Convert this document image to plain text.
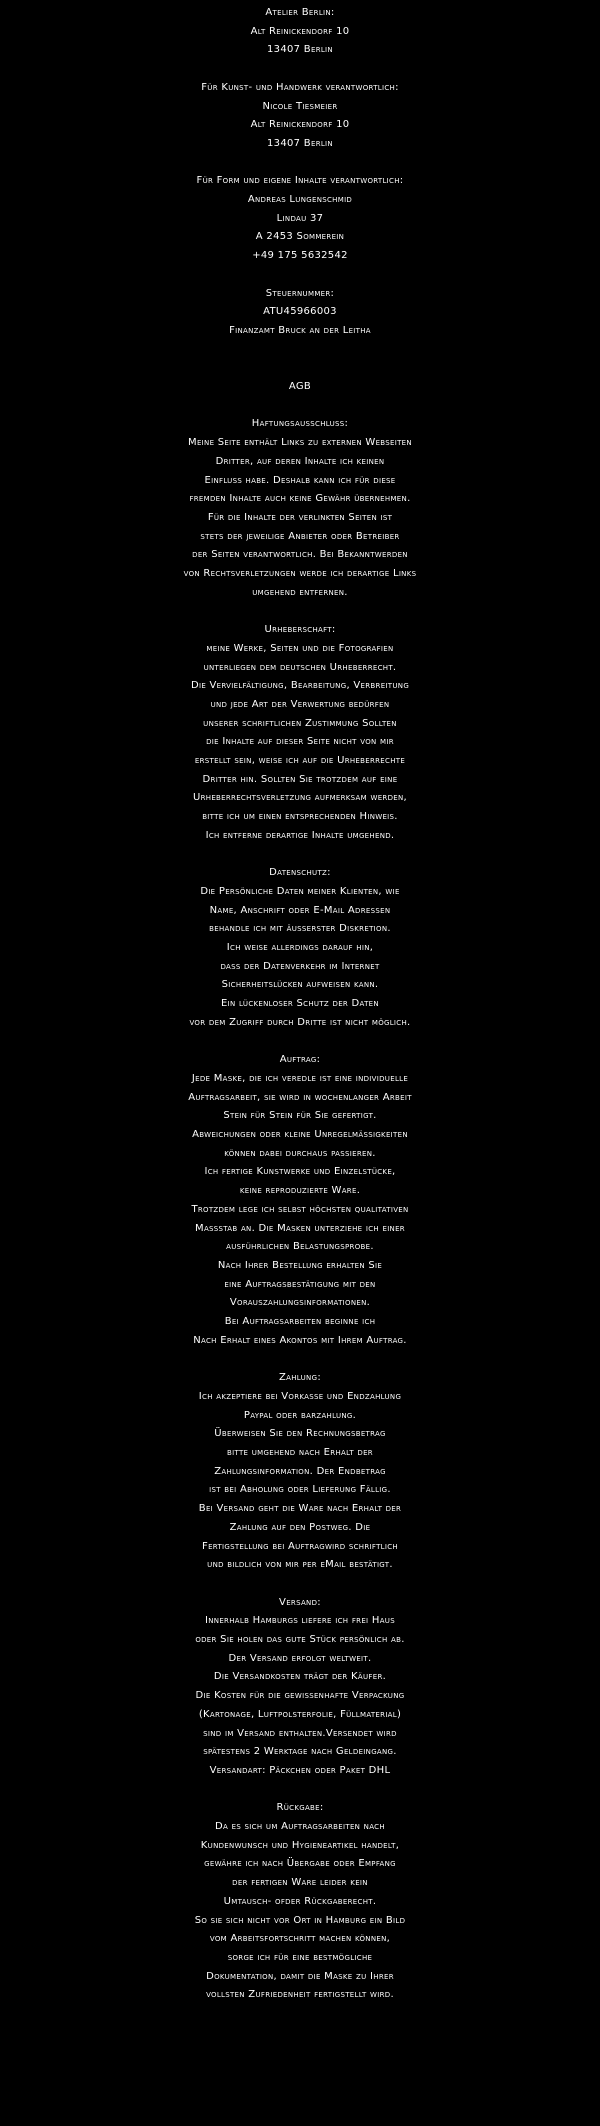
Atelier Berlin:
Alt Reinickendorf 10
13407 Berlin
Für Kunst- und Handwerk verantwortlich:
Nicole Tiesmeier
Alt Reinickendorf 10
13407 Berlin
Für Form und eigene Inhalte verantwortlich:
Andreas Lungenschmid
Lindau 37
A 2453 Sommerein
+49 175 5632542
Steuernummer:
ATU45966003
Finanzamt Bruck an der Leitha
AGB
Haftungsausschluss:
Meine Seite enthält Links zu externen Webseiten
Dritter, auf deren Inhalte ich keinen
Einfluss habe. Deshalb kann ich für diese
fremden Inhalte auch keine Gewähr übernehmen.
Für die Inhalte der verlinkten Seiten ist
stets der jeweilige Anbieter oder Betreiber
der Seiten verantwortlich. Bei Bekanntwerden
von Rechtsverletzungen werde ich derartige Links
umgehend entfernen.
Urheberschaft:
meine Werke, Seiten und die Fotografien
unterliegen dem deutschen Urheberrecht.
Die Vervielfältigung, Bearbeitung, Verbreitung
und jede Art der Verwertung bedürfen
unserer schriftlichen Zustimmung Sollten
die Inhalte auf dieser Seite nicht von mir
erstellt sein, weise ich auf die Urheberrechte
Dritter hin. Sollten Sie trotzdem auf eine
Urheberrechtsverletzung aufmerksam werden,
bitte ich um einen entsprechenden Hinweis.
Ich entferne derartige Inhalte umgehend.
Datenschutz:
Die Persönliche Daten meiner Klienten, wie
Name, Anschrift oder E-Mail Adressen
behandle ich mit äusserster Diskretion.
Ich weise allerdings darauf hin,
dass der Datenverkehr im Internet
Sicherheitslücken aufweisen kann.
Ein lückenloser Schutz der Daten
vor dem Zugriff durch Dritte ist nicht möglich.
Auftrag:
Jede Maske, die ich veredle ist eine individuelle
Auftragsarbeit, sie wird in wochenlanger Arbeit
Stein für Stein für Sie gefertigt.
Abweichungen oder kleine Unregelmässigkeiten
können dabei durchaus passieren.
Ich fertige Kunstwerke und Einzelstücke,
keine reproduzierte Ware.
Trotzdem lege ich selbst höchsten qualitativen
Massstab an. Die Masken unterziehe ich einer
ausführlichen Belastungsprobe.
Nach Ihrer Bestellung erhalten Sie
eine Auftragsbestätigung mit den
Vorauszahlungsinformationen.
Bei Auftragsarbeiten beginne ich
Nach Erhalt eines Akontos mit Ihrem Auftrag.
Zahlung:
Ich akzeptiere bei Vorkasse und Endzahlung
Paypal oder barzahlung.
Überweisen Sie den Rechnungsbetrag
bitte umgehend nach Erhalt der
Zahlungsinformation. Der Endbetrag
ist bei Abholung oder Lieferung Fällig.
Bei Versand geht die Ware nach Erhalt der
Zahlung auf den Postweg. Die
Fertigstellung bei Auftragwird schriftlich
und bildlich von mir per eMail bestätigt.
Versand:
Innerhalb Hamburgs liefere ich frei Haus
oder Sie holen das gute Stück persönlich ab.
Der Versand erfolgt weltweit.
Die Versandkosten trägt der Käufer.
Die Kosten für die gewissenhafte Verpackung
(Kartonage, Luftpolsterfolie, Füllmaterial)
sind im Versand enthalten.Versendet wird
spätestens 2 Werktage nach Geldeingang.
Versandart: Päckchen oder Paket DHL
Rückgabe:
Da es sich um Auftragsarbeiten nach
Kundenwunsch und Hygieneartikel handelt,
gewähre ich nach Übergabe oder Empfang
der fertigen Ware leider kein
Umtausch- ofder Rückgaberecht.
So sie sich nicht vor Ort in Hamburg ein Bild
vom Arbeitsfortschritt machen können,
sorge ich für eine bestmögliche
Dokumentation, damit die Maske zu Ihrer
vollsten Zufriedenheit fertigstellt wird.
